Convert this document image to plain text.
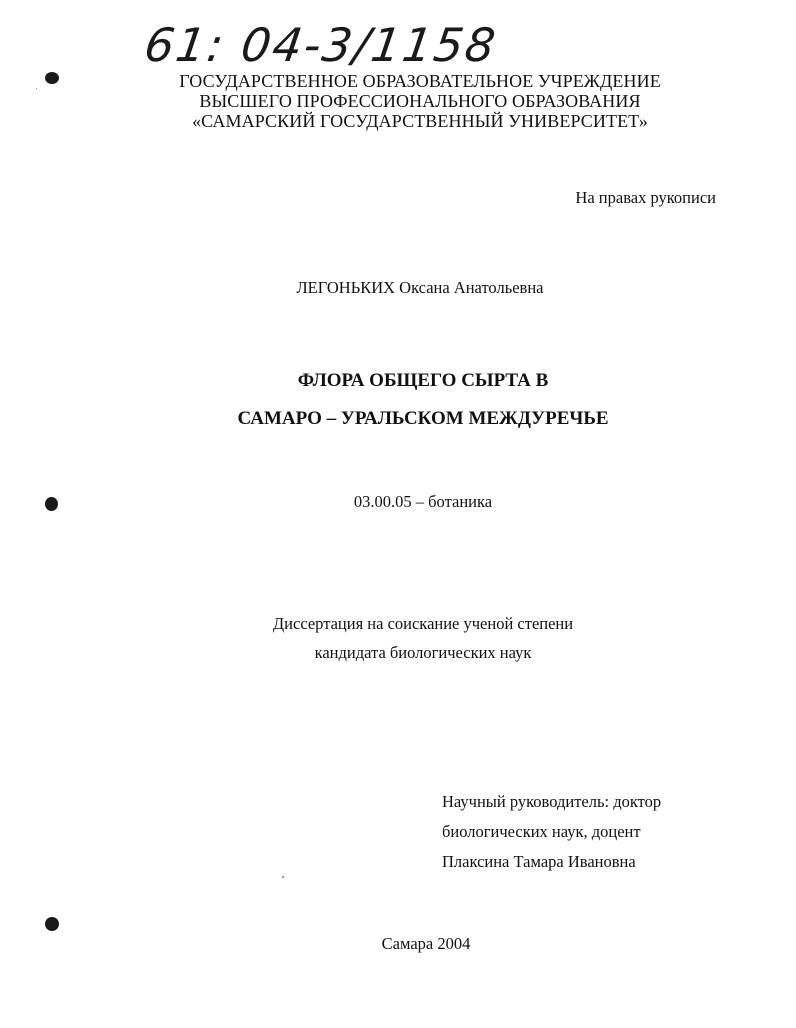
61: 04-3/1158
ГОСУДАРСТВЕННОЕ ОБРАЗОВАТЕЛЬНОЕ УЧРЕЖДЕНИЕ
ВЫСШЕГО ПРОФЕССИОНАЛЬНОГО ОБРАЗОВАНИЯ
«САМАРСКИЙ ГОСУДАРСТВЕННЫЙ УНИВЕРСИТЕТ»
На правах рукописи
ЛЕГОНЬКИХ Оксана Анатольевна
ФЛОРА ОБЩЕГО СЫРТА В
САМАРО – УРАЛЬСКОМ МЕЖДУРЕЧЬЕ
03.00.05 – ботаника
Диссертация на соискание ученой степени
кандидата биологических наук
Научный руководитель: доктор
биологических наук, доцент
Плаксина Тамара Ивановна
Самара 2004
